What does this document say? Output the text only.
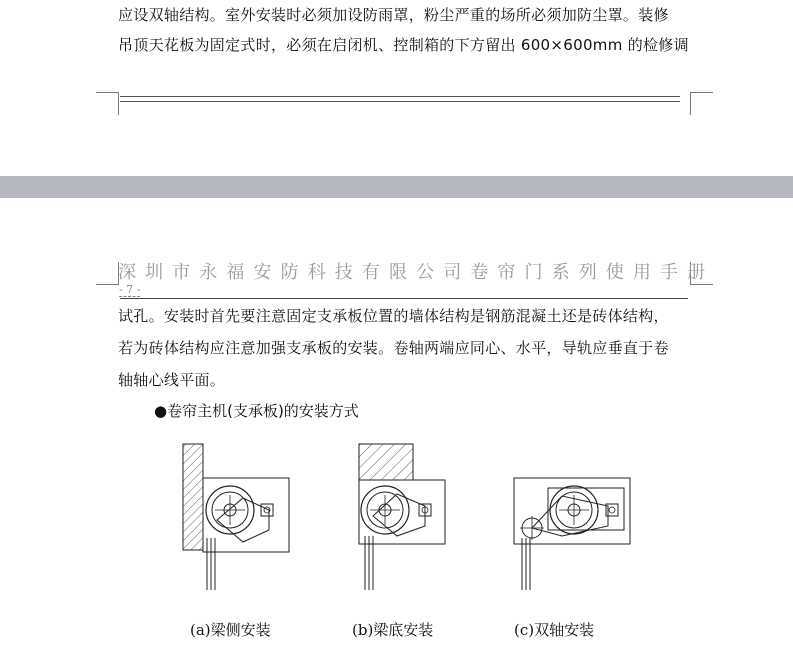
应设双轴结构。室外安装时必须加设防雨罩，粉尘严重的场所必须加防尘罩。装修
吊顶天花板为固定式时，必须在启闭机、控制箱的下方留出 600×600mm 的检修调
深圳市永福安防科技有限公司卷帘门系列使用手册
- 7 -
试孔。安装时首先要注意固定支承板位置的墙体结构是钢筋混凝土还是砖体结构，
若为砖体结构应注意加强支承板的安装。卷轴两端应同心、水平，导轨应垂直于卷
轴轴心线平面。
●卷帘主机(支承板)的安装方式
(a)梁侧安装	(b)梁底安装	(c)双轴安装
